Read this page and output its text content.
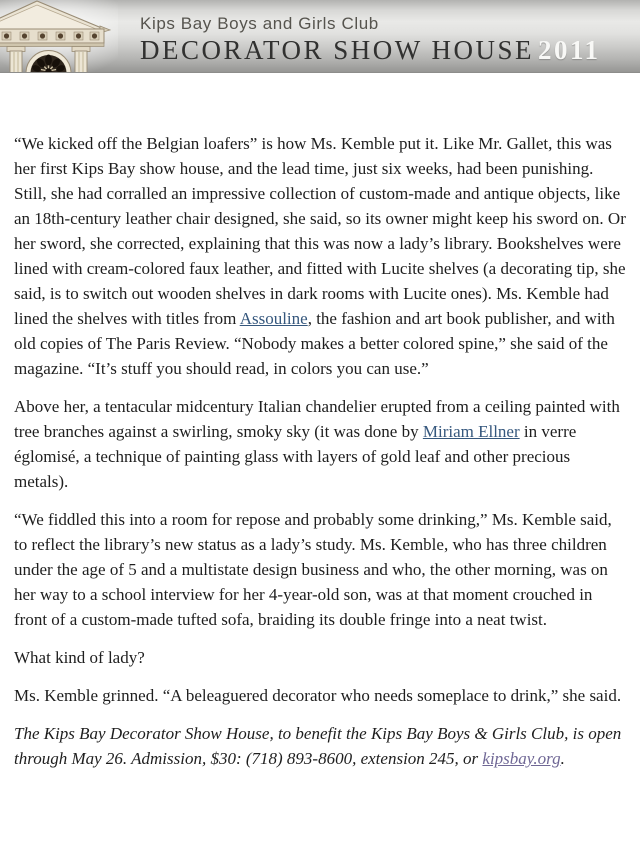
Kips Bay Boys and Girls Club
DECORATOR SHOW HOUSE 2011

“We kicked off the Belgian loafers” is how Ms. Kemble put it. Like Mr. Gallet, this was her first Kips Bay show house, and the lead time, just six weeks, had been punishing. Still, she had corralled an impressive collection of custom-made and antique objects, like an 18th-century leather chair designed, she said, so its owner might keep his sword on. Or her sword, she corrected, explaining that this was now a lady’s library. Bookshelves were lined with cream-colored faux leather, and fitted with Lucite shelves (a decorating tip, she said, is to switch out wooden shelves in dark rooms with Lucite ones). Ms. Kemble had lined the shelves with titles from Assouline, the fashion and art book publisher, and with old copies of The Paris Review. “Nobody makes a better colored spine,” she said of the magazine. “It’s stuff you should read, in colors you can use.”

Above her, a tentacular midcentury Italian chandelier erupted from a ceiling painted with tree branches against a swirling, smoky sky (it was done by Miriam Ellner in verre églomisé, a technique of painting glass with layers of gold leaf and other precious metals).

“We fiddled this into a room for repose and probably some drinking,” Ms. Kemble said, to reflect the library’s new status as a lady’s study. Ms. Kemble, who has three children under the age of 5 and a multistate design business and who, the other morning, was on her way to a school interview for her 4-year-old son, was at that moment crouched in front of a custom-made tufted sofa, braiding its double fringe into a neat twist.

What kind of lady?

Ms. Kemble grinned. “A beleaguered decorator who needs someplace to drink,” she said.

The Kips Bay Decorator Show House, to benefit the Kips Bay Boys & Girls Club, is open through May 26. Admission, $30: (718) 893-8600, extension 245, or kipsbay.org.
